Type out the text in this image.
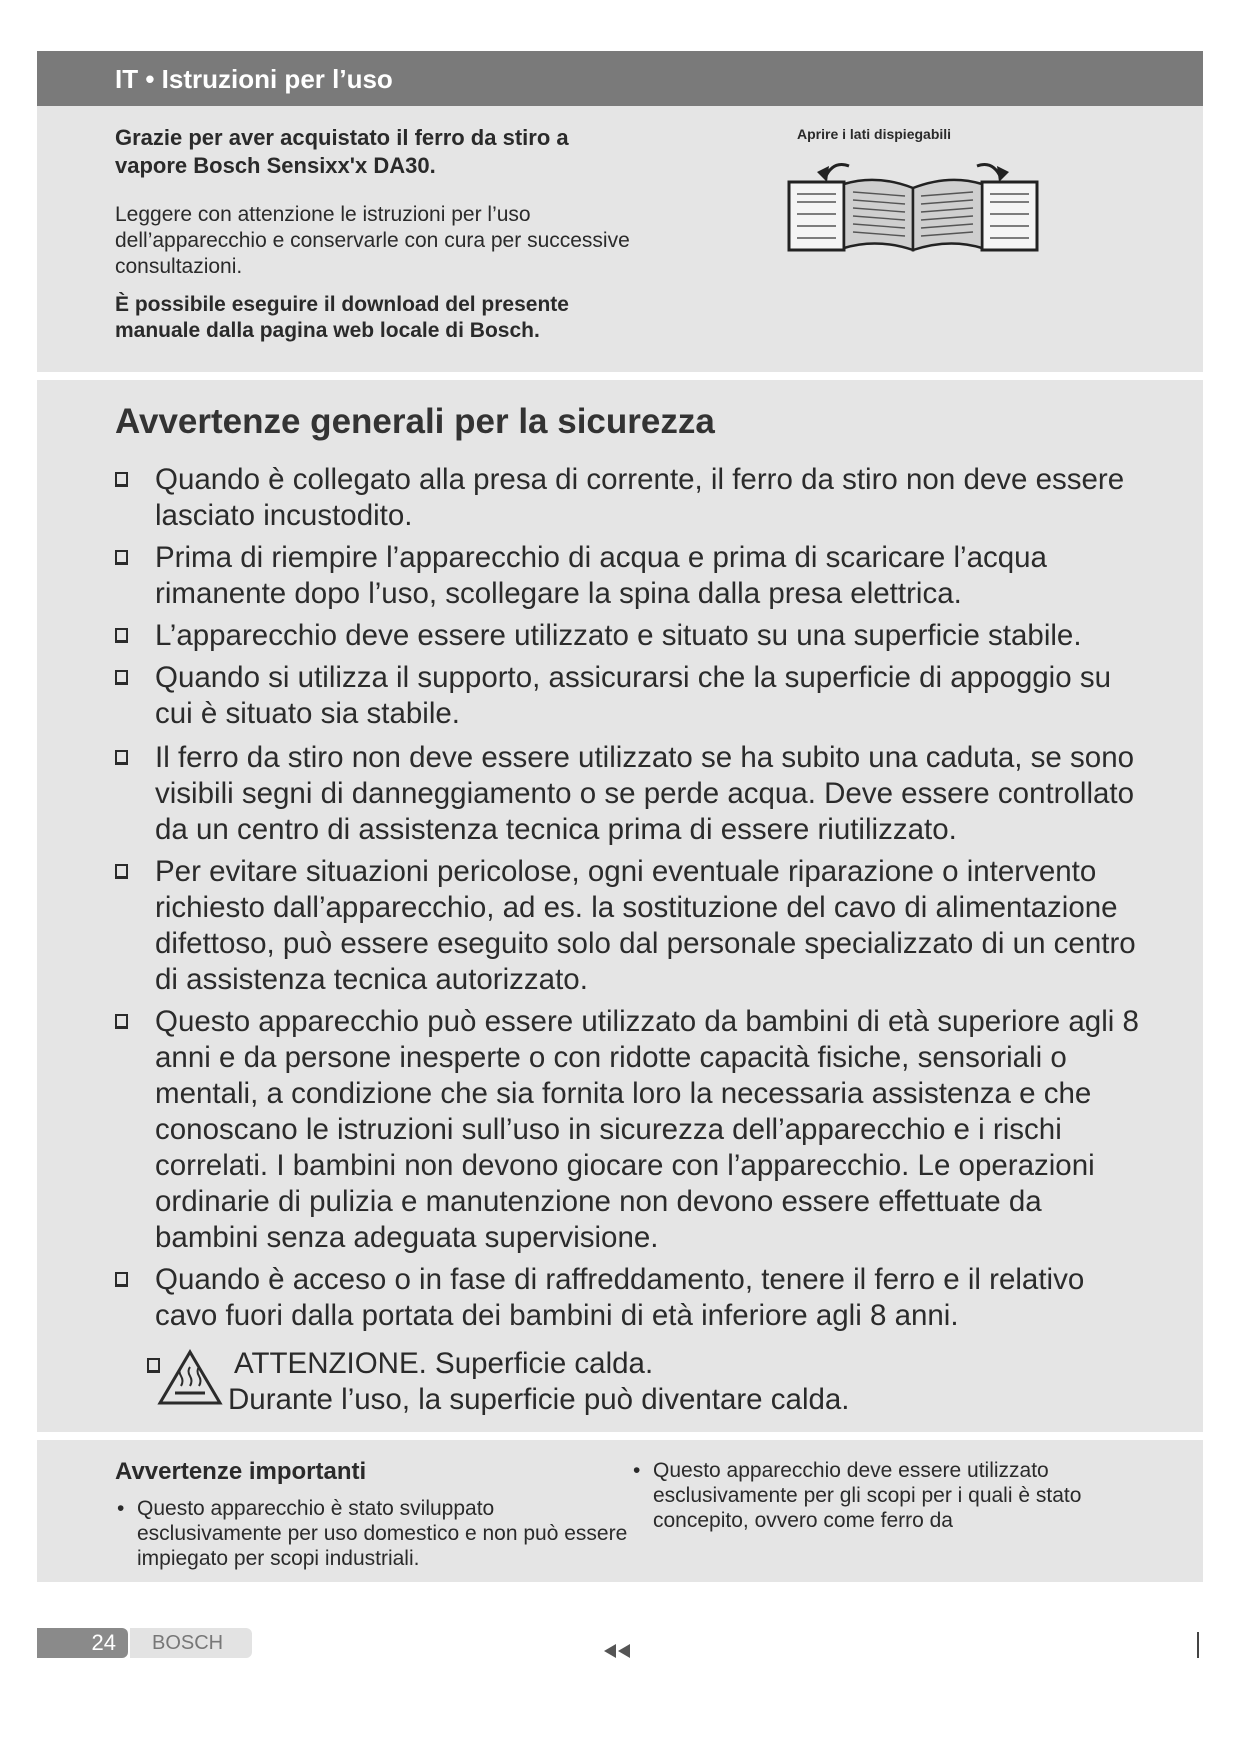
IT • Istruzioni per l’uso

Grazie per aver acquistato il ferro da stiro a vapore Bosch Sensixx'x DA30.

Leggere con attenzione le istruzioni per l’uso dell’apparecchio e conservarle con cura per successive consultazioni.

È possibile eseguire il download del presente manuale dalla pagina web locale di Bosch.

Aprire i lati dispiegabili
Avvertenze generali per la sicurezza
Quando è collegato alla presa di corrente, il ferro da stiro non deve essere lasciato incustodito.
Prima di riempire l’apparecchio di acqua e prima di scaricare l’acqua rimanente dopo l’uso, scollegare la spina dalla presa elettrica.
L’apparecchio deve essere utilizzato e situato su una superficie stabile.
Quando si utilizza il supporto, assicurarsi che la superficie di appoggio su cui è situato sia stabile.
Il ferro da stiro non deve essere utilizzato se ha subito una caduta, se sono visibili segni di danneggiamento o se perde acqua. Deve essere controllato da un centro di assistenza tecnica prima di essere riutilizzato.
Per evitare situazioni pericolose, ogni eventuale riparazione o intervento richiesto dall’apparecchio, ad es. la sostituzione del cavo di alimentazione difettoso, può essere eseguito solo dal personale specializzato di un centro di assistenza tecnica autorizzato.
Questo apparecchio può essere utilizzato da bambini di età superiore agli 8 anni e da persone inesperte o con ridotte capacità fisiche, sensoriali o mentali, a condizione che sia fornita loro la necessaria assistenza e che conoscano le istruzioni sull’uso in sicurezza dell’apparecchio e i rischi correlati. I bambini non devono giocare con l’apparecchio. Le operazioni ordinarie di pulizia e manutenzione non devono essere effettuate da bambini senza adeguata supervisione.
Quando è acceso o in fase di raffreddamento, tenere il ferro e il relativo cavo fuori dalla portata dei bambini di età inferiore agli 8 anni.
ATTENZIONE. Superficie calda.
Durante l’uso, la superficie può diventare calda.
Avvertenze importanti
• Questo apparecchio è stato sviluppato esclusivamente per uso domestico e non può essere impiegato per scopi industriali.
• Questo apparecchio deve essere utilizzato esclusivamente per gli scopi per i quali è stato concepito, ovvero come ferro da
24	BOSCH
